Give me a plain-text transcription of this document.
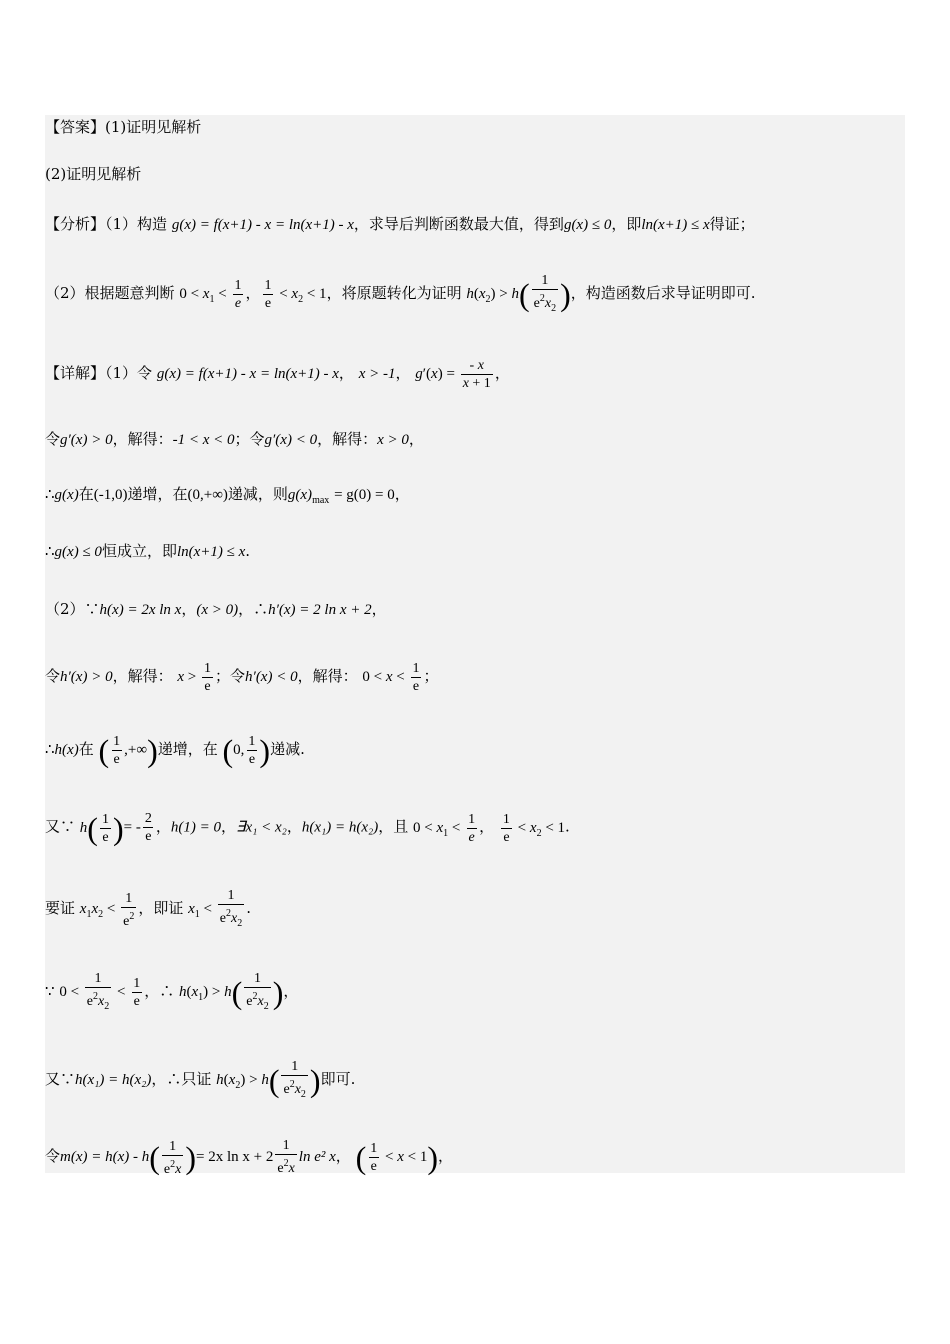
【答案】(1)证明见解析
(2)证明见解析
【分析】（1）构造 g(x) = f(x+1) - x = ln(x+1) - x，求导后判断函数最大值，得到g(x) ≤ 0，即ln(x+1) ≤ x得证；
（2）根据题意判断 $0 < x_1 < \frac{1}{e}$ ， $\frac{1}{e} < x_2 < 1$，将原题转化为证明 $h(x_2) > h( \frac{1}{e^2x_2}$ )，构造函数后求导证明即可.
【详解】（1）令 g(x) = f(x+1) - x = ln(x+1) - x， x > -1， $g'(x) = \frac{- x}{x + 1}$ ，
令g′(x) > 0，解得：-1 < x < 0；令g′(x) < 0，解得：x > 0，
∴g(x)在(-1,0)递增，在(0,+∞)递减，则$g(x)_{max} = g(0) = 0$，
∴g(x) ≤ 0恒成立，即ln(x+1) ≤ x.
（2）∵h(x) = 2x ln x，(x > 0)，∴h′(x) = 2 ln x + 2，
令h′(x) > 0，解得： $x > \frac{1}{e}$ ；令h′(x) < 0，解得： $0 < x < \frac{1}{e}$ ；
∴h(x)在 ( $\frac{1}{e}$ ,+∞)递增，在 (0, $\frac{1}{e}$ )递减.
又∵ $h( \frac{1}{e}$ )= - $\frac{2}{e}$ ，h(1) = 0，∃x₁ < x₂，h(x₁) = h(x₂)，且 $0 < x_1 < \frac{1}{e}$ ， $\frac{1}{e} < x_2 < 1$.
要证 $x_1x_2 < \frac{1}{e^2}$ ，即证 $x_1 < \frac{1}{e^2x_2}$ .
∵ $0 < \frac{1}{e^2x_2} < \frac{1}{e}$ ，∴ $h(x_1) > h( \frac{1}{e^2x_2}$ )，
又∵h(x₁) = h(x₂)，∴只证 $h(x_2) > h( \frac{1}{e^2x_2}$ )即可.
令$m(x) = h(x) - h( \frac{1}{e^2x}$ )= 2x $\ln x + 2 \frac{1}{e^2x}$ ln e² x， ( $\frac{1}{e} < x < 1$)，
